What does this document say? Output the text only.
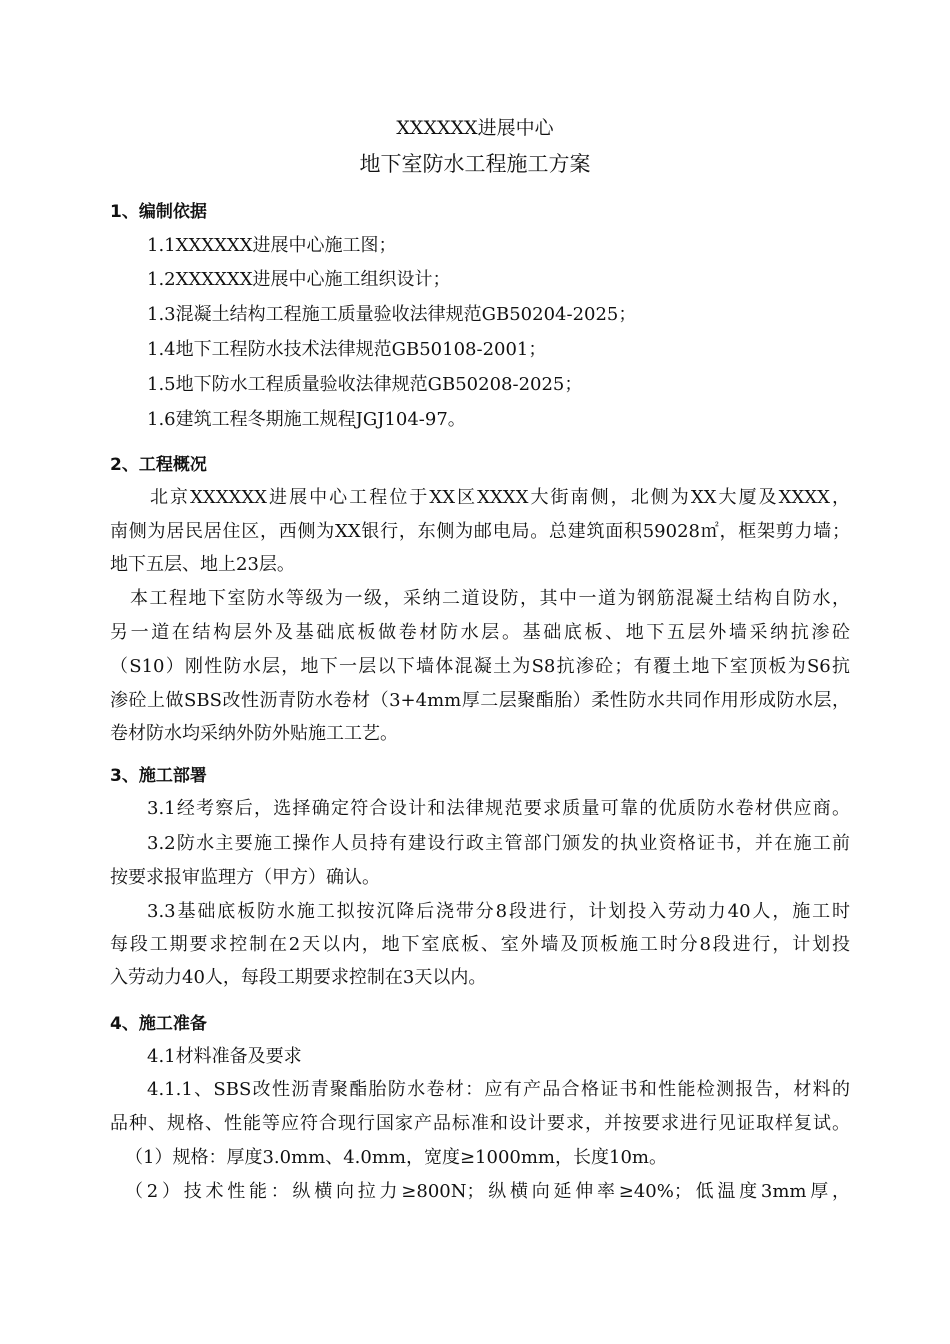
XXXXXX进展中心
地下室防水工程施工方案
1、编制依据
1.1XXXXXX进展中心施工图；
1.2XXXXXX进展中心施工组织设计；
1.3混凝土结构工程施工质量验收法律规范GB50204-2025；
1.4地下工程防水技术法律规范GB50108-2001；
1.5地下防水工程质量验收法律规范GB50208-2025；
1.6建筑工程冬期施工规程JGJ104-97。
2、工程概况
北京XXXXXX进展中心工程位于XX区XXXX大街南侧，北侧为XX大厦及XXXX，
南侧为居民居住区，西侧为XX银行，东侧为邮电局。总建筑面积59028㎡，框架剪力墙；
地下五层、地上23层。
本工程地下室防水等级为一级，采纳二道设防，其中一道为钢筋混凝土结构自防水，
另一道在结构层外及基础底板做卷材防水层。基础底板、地下五层外墙采纳抗渗砼
（S10）刚性防水层，地下一层以下墙体混凝土为S8抗渗砼；有覆土地下室顶板为S6抗
渗砼上做SBS改性沥青防水卷材（3+4mm厚二层聚酯胎）柔性防水共同作用形成防水层，
卷材防水均采纳外防外贴施工工艺。
3、施工部署
3.1经考察后，选择确定符合设计和法律规范要求质量可靠的优质防水卷材供应商。
3.2防水主要施工操作人员持有建设行政主管部门颁发的执业资格证书，并在施工前
按要求报审监理方（甲方）确认。
3.3基础底板防水施工拟按沉降后浇带分8段进行，计划投入劳动力40人，施工时
每段工期要求控制在2天以内，地下室底板、室外墙及顶板施工时分8段进行，计划投
入劳动力40人，每段工期要求控制在3天以内。
4、施工准备
4.1材料准备及要求
4.1.1、SBS改性沥青聚酯胎防水卷材：应有产品合格证书和性能检测报告，材料的
品种、规格、性能等应符合现行国家产品标准和设计要求，并按要求进行见证取样复试。
（1）规格：厚度3.0mm、4.0mm，宽度≥1000mm，长度10m。
（2）技术性能：纵横向拉力≥800N；纵横向延伸率≥40%；低温度3mm厚，
